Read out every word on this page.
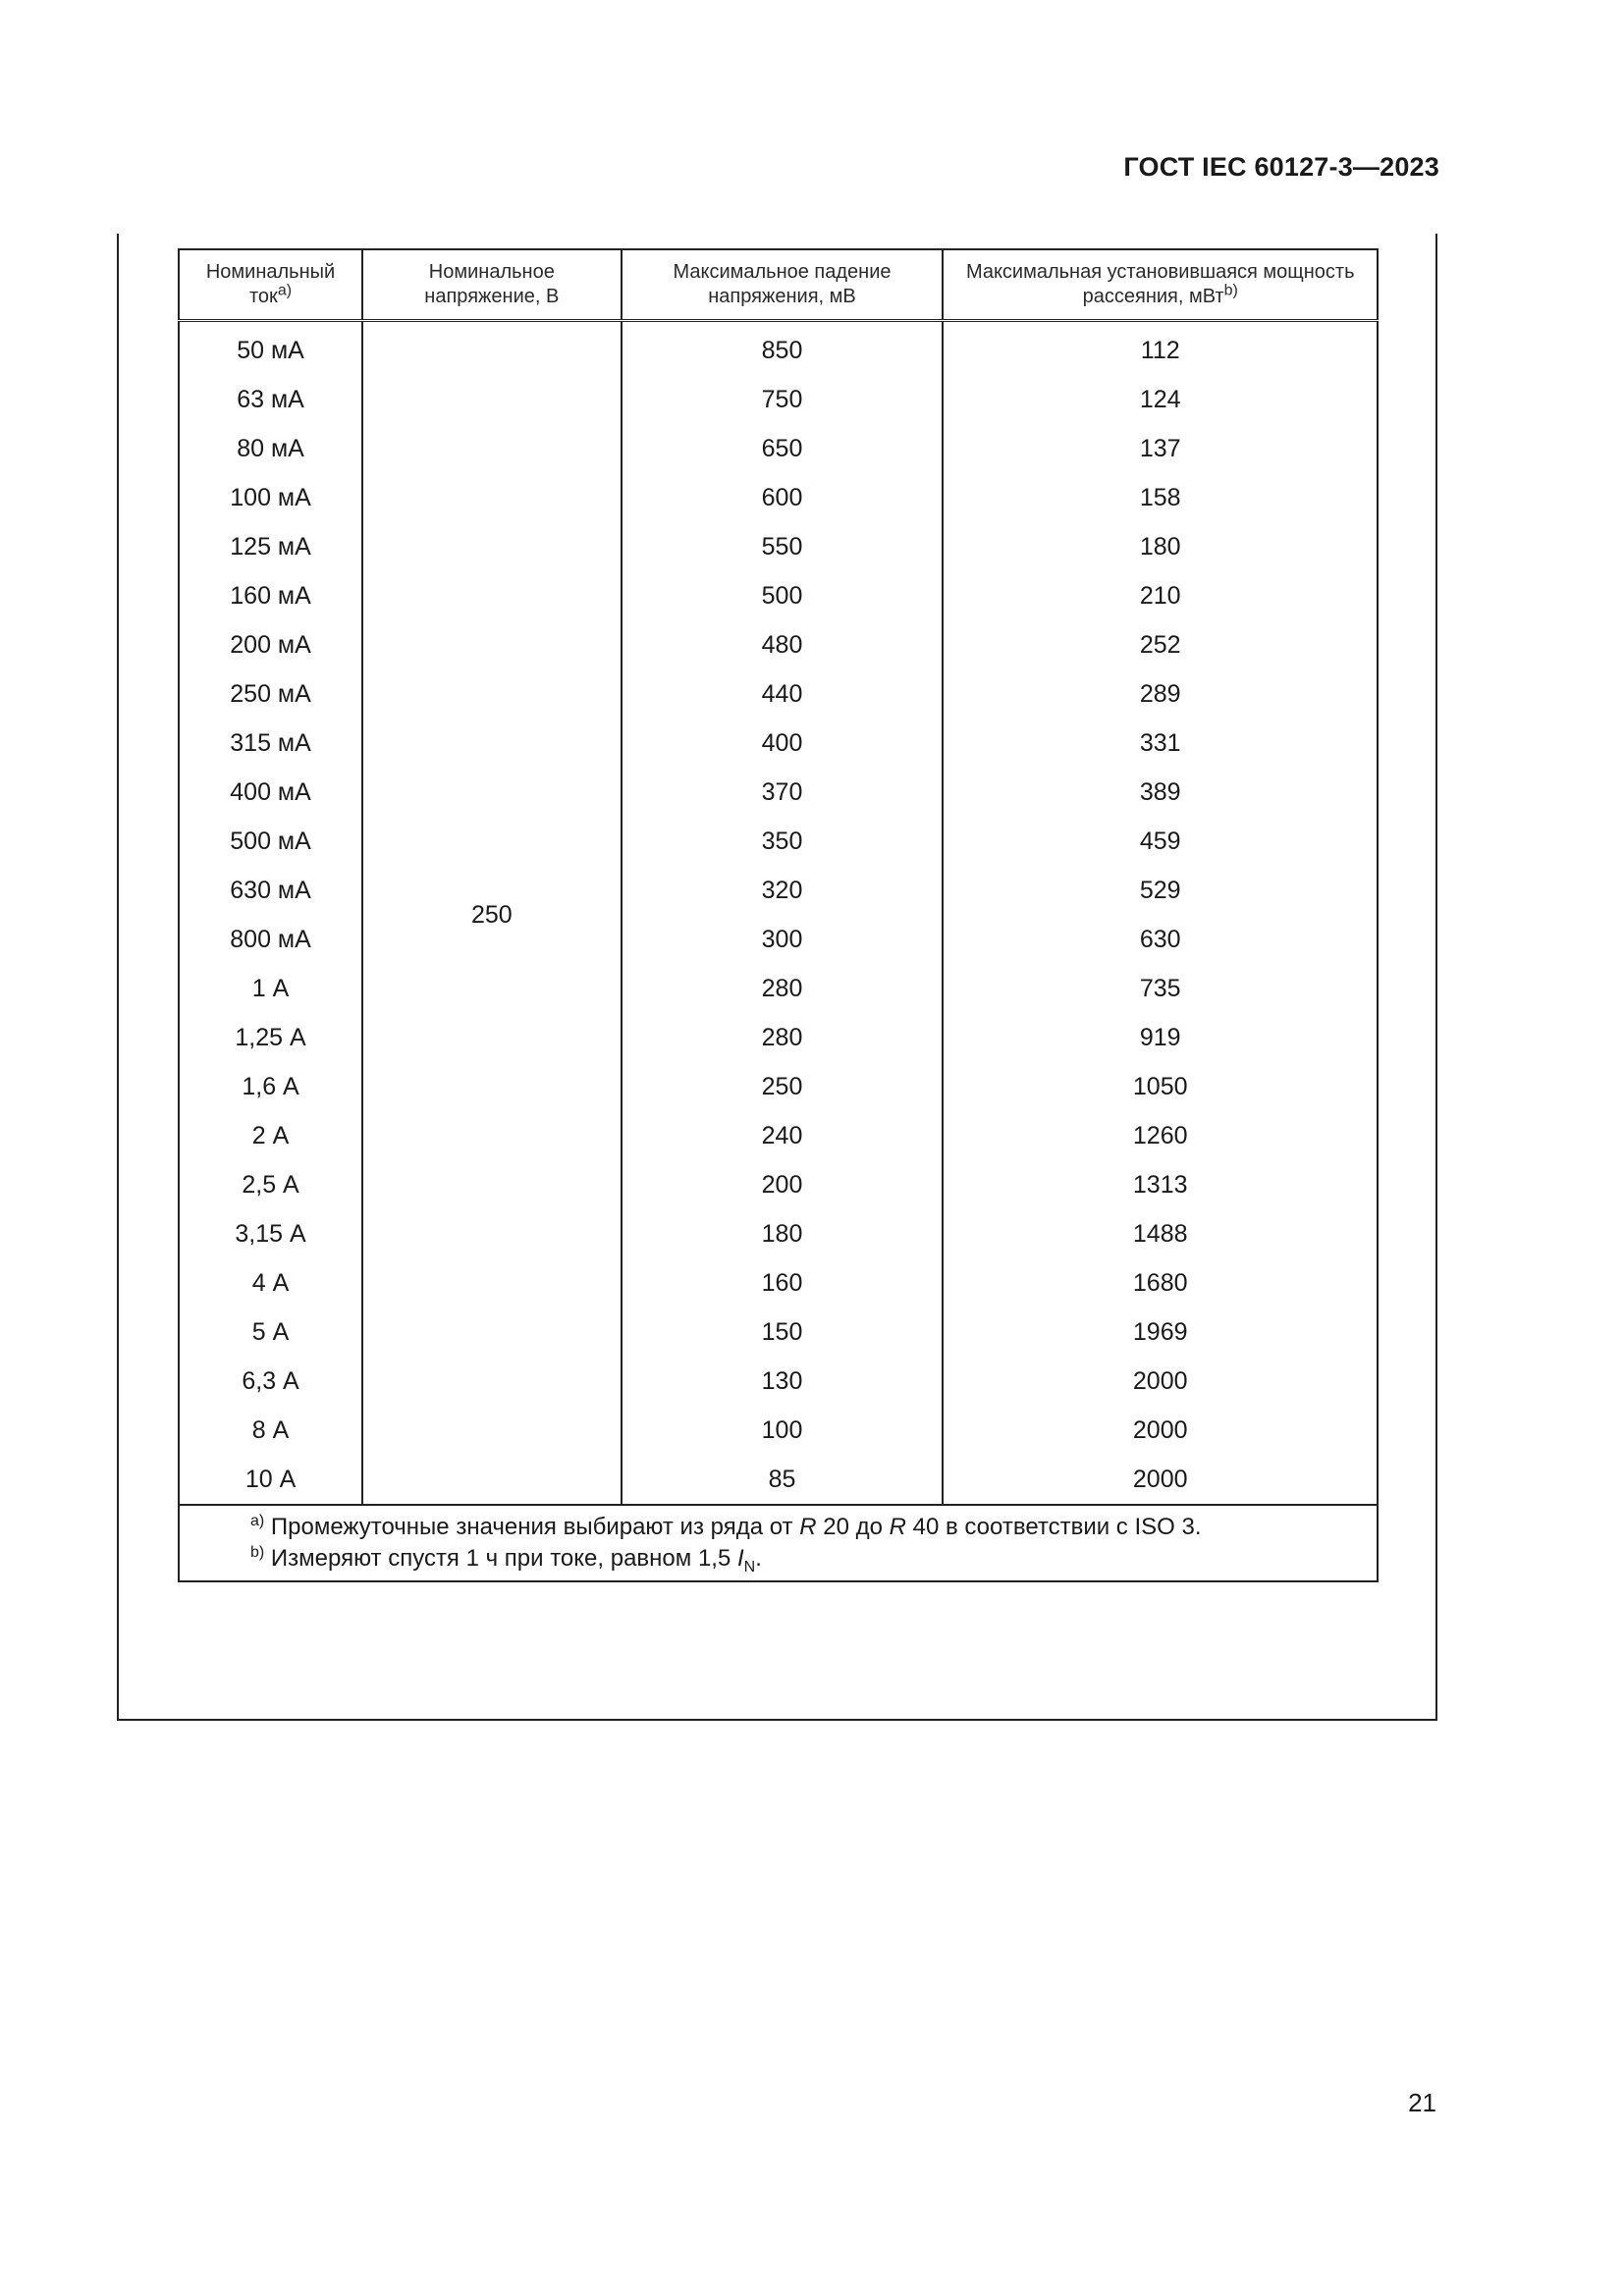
ГОСТ IEC 60127-3—2023
Номинальный ток$^{a)}$	Номинальное напряжение, В	Максимальное падение напряжения, мВ	Максимальная установившаяся мощность рассеяния, мВт$^{b)}$
50 мА	250	850	112
63 мА		750	124
80 мА		650	137
100 мА		600	158
125 мА		550	180
160 мА		500	210
200 мА		480	252
250 мА		440	289
315 мА		400	331
400 мА		370	389
500 мА		350	459
630 мА		320	529
800 мА		300	630
1 А		280	735
1,25 А		280	919
1,6 А		250	1050
2 А		240	1260
2,5 А		200	1313
3,15 А		180	1488
4 А		160	1680
5 А		150	1969
6,3 А		130	2000
8 А		100	2000
10 А		85	2000

$^{a)}$ Промежуточные значения выбирают из ряда от R 20 до R 40 в соответствии с ISO 3.
$^{b)}$ Измеряют спустя 1 ч при токе, равном 1,5 $I_N$.			
21
